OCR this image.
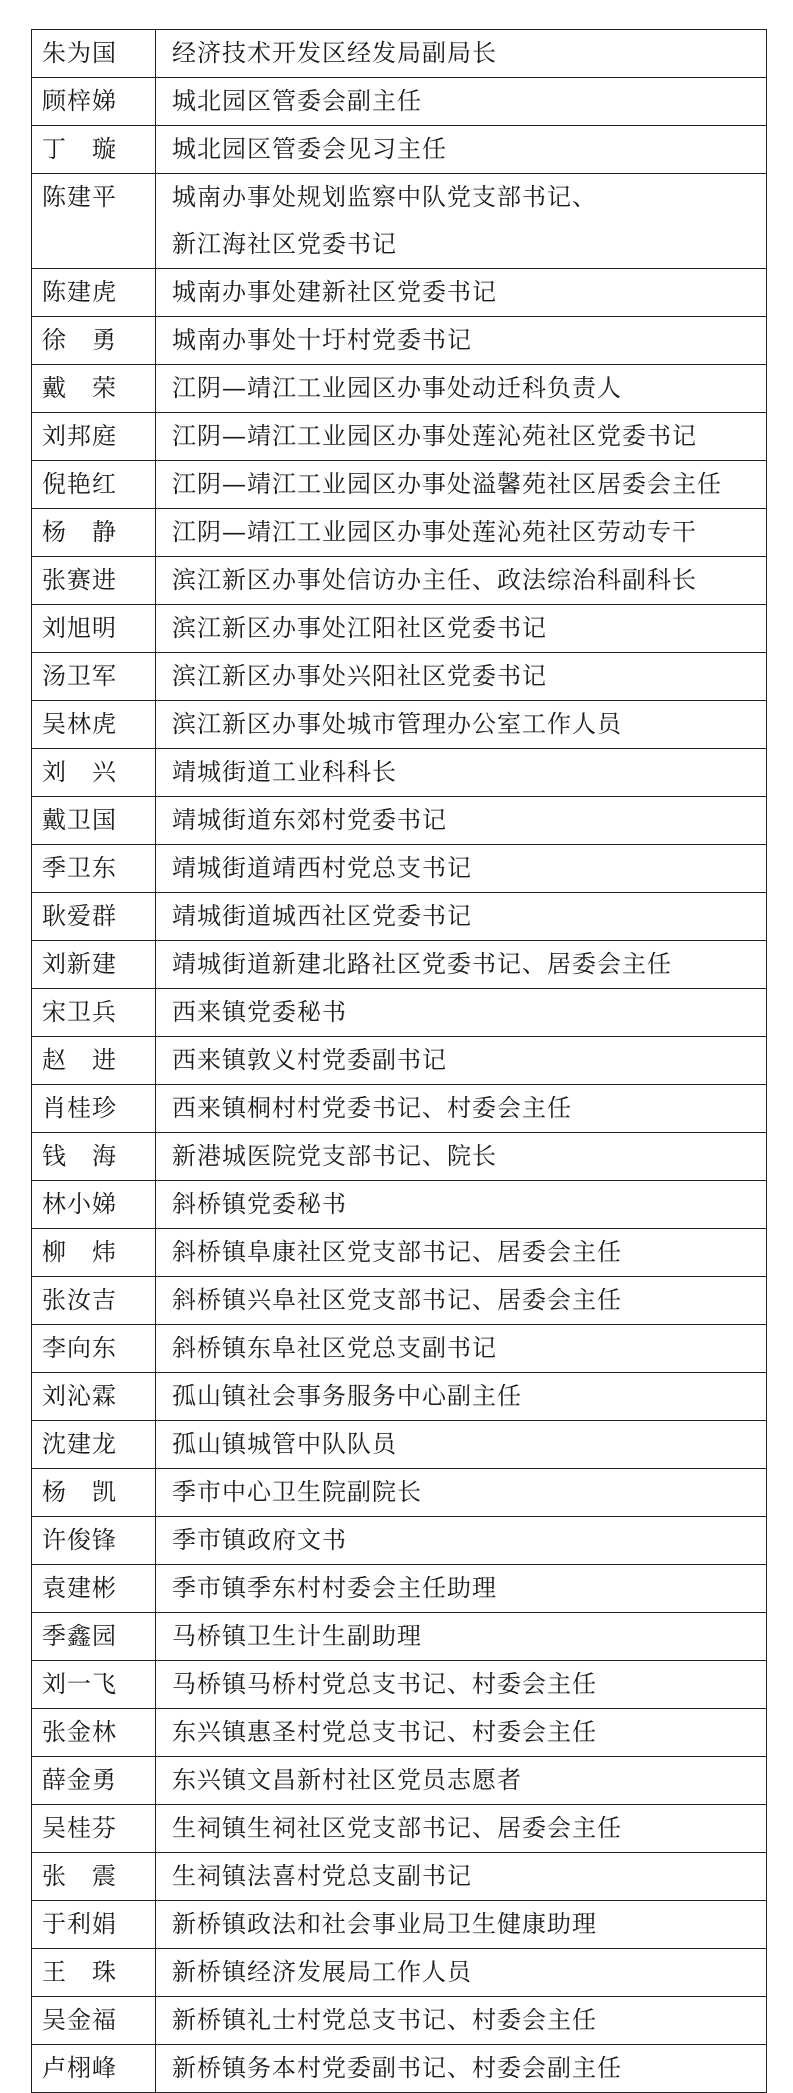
朱为国	经济技术开发区经发局副局长

顾梓娣	城北园区管委会副主任

丁　璇	城北园区管委会见习主任

陈建平	城南办事处规划监察中队党支部书记、
新江海社区党委书记

陈建虎	城南办事处建新社区党委书记

徐　勇	城南办事处十圩村党委书记

戴　荣	江阴—靖江工业园区办事处动迁科负责人

刘邦庭	江阴—靖江工业园区办事处莲沁苑社区党委书记

倪艳红	江阴—靖江工业园区办事处溢馨苑社区居委会主任

杨　静	江阴—靖江工业园区办事处莲沁苑社区劳动专干

张赛进	滨江新区办事处信访办主任、政法综治科副科长

刘旭明	滨江新区办事处江阳社区党委书记

汤卫军	滨江新区办事处兴阳社区党委书记

吴林虎	滨江新区办事处城市管理办公室工作人员

刘　兴	靖城街道工业科科长

戴卫国	靖城街道东郊村党委书记

季卫东	靖城街道靖西村党总支书记

耿爱群	靖城街道城西社区党委书记

刘新建	靖城街道新建北路社区党委书记、居委会主任

宋卫兵	西来镇党委秘书

赵　进	西来镇敦义村党委副书记

肖桂珍	西来镇桐村村党委书记、村委会主任

钱　海	新港城医院党支部书记、院长

林小娣	斜桥镇党委秘书

柳　炜	斜桥镇阜康社区党支部书记、居委会主任

张汝吉	斜桥镇兴阜社区党支部书记、居委会主任

李向东	斜桥镇东阜社区党总支副书记

刘沁霖	孤山镇社会事务服务中心副主任

沈建龙	孤山镇城管中队队员

杨　凯	季市中心卫生院副院长

许俊锋	季市镇政府文书

袁建彬	季市镇季东村村委会主任助理

季鑫园	马桥镇卫生计生副助理

刘一飞	马桥镇马桥村党总支书记、村委会主任

张金林	东兴镇惠圣村党总支书记、村委会主任

薛金勇	东兴镇文昌新村社区党员志愿者

吴桂芬	生祠镇生祠社区党支部书记、居委会主任

张　震	生祠镇法喜村党总支副书记

于利娟	新桥镇政法和社会事业局卫生健康助理

王　珠	新桥镇经济发展局工作人员

吴金福	新桥镇礼士村党总支书记、村委会主任

卢栩峰	新桥镇务本村党委副书记、村委会副主任
